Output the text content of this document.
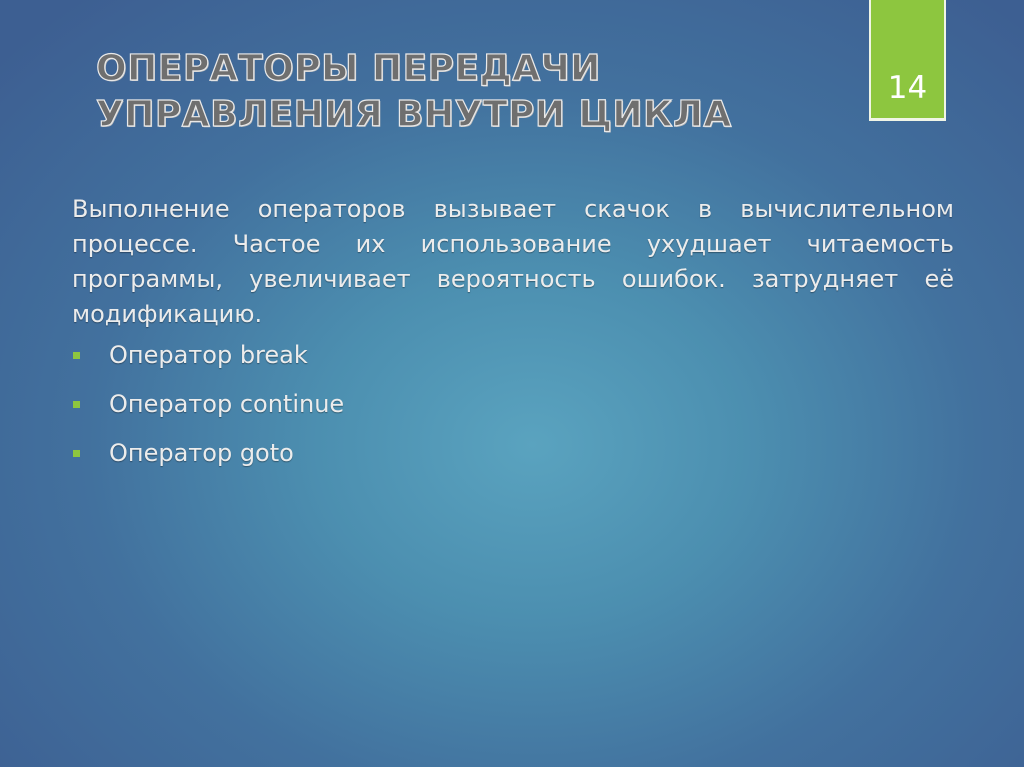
ОПЕРАТОРЫ ПЕРЕДАЧИ
УПРАВЛЕНИЯ ВНУТРИ ЦИКЛА
14

Выполнение операторов вызывает скачок в вычислительном процессе. Частое их использование ухудшает читаемость программы, увеличивает вероятность ошибок. затрудняет её модификацию.

Оператор break
Оператор continue
Оператор goto
